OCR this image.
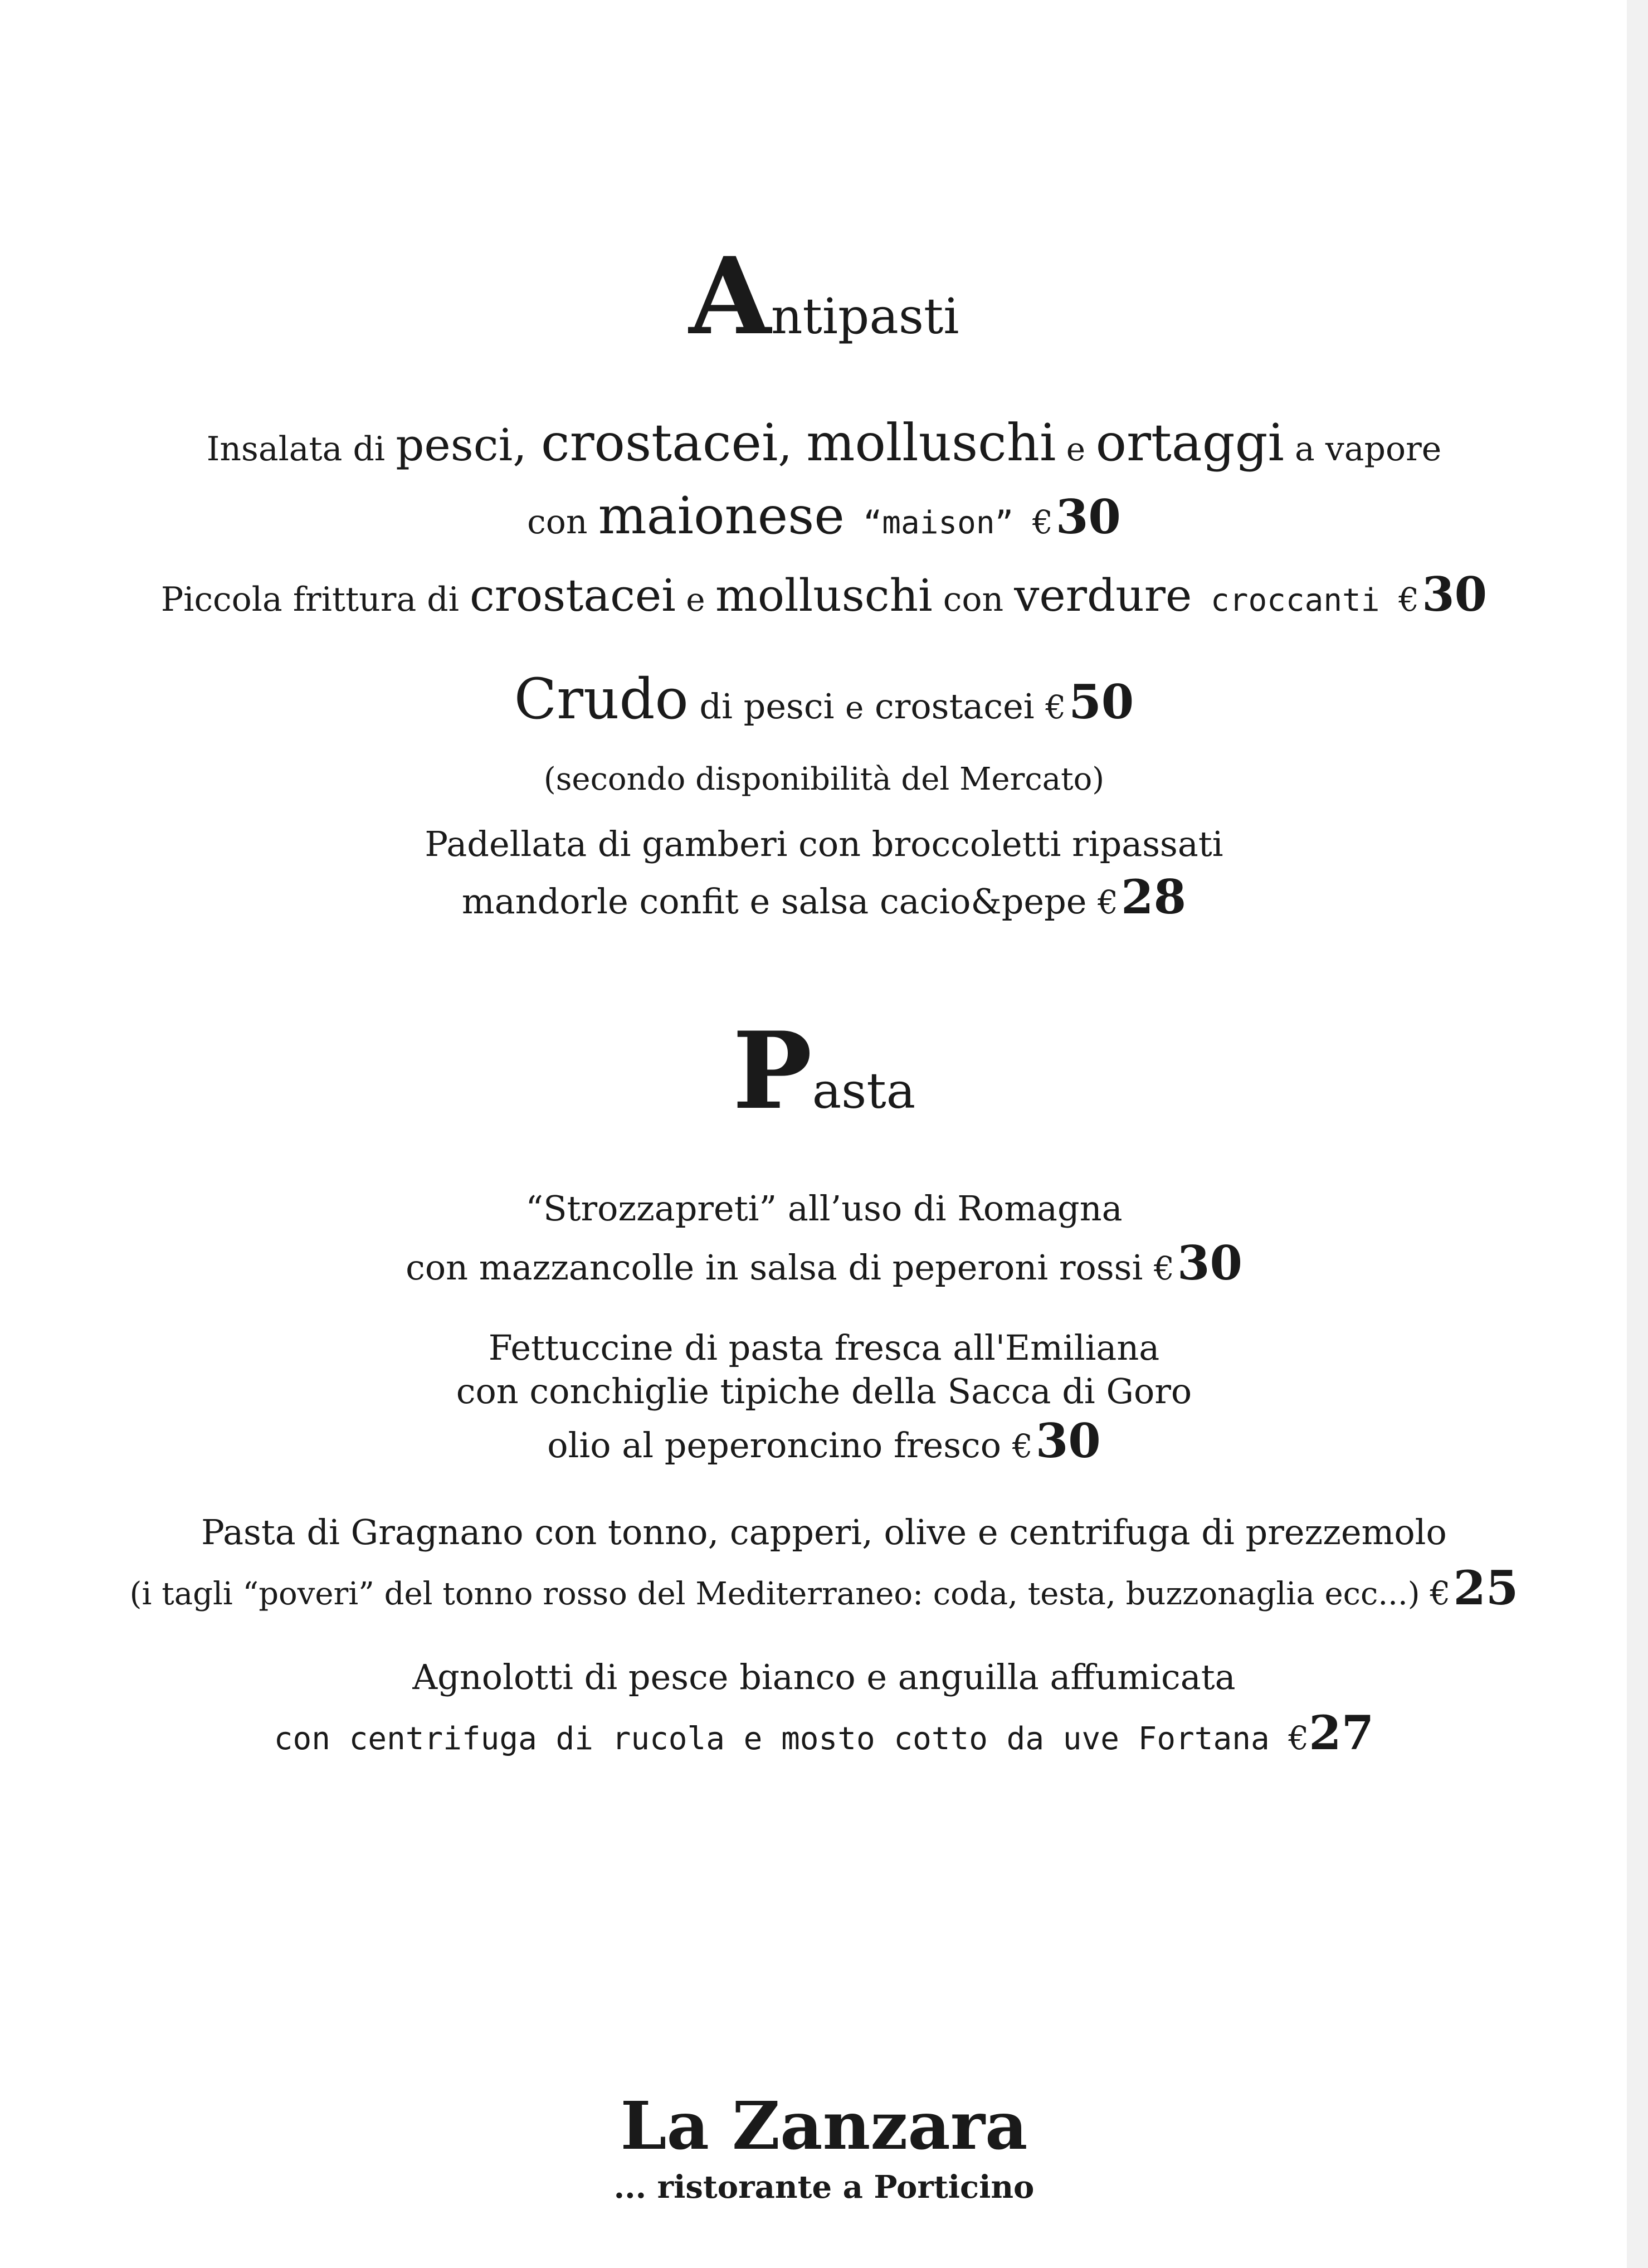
Antipasti
Insalata di pesci, crostacei, molluschi e ortaggi a vapore
con maionese “maison” € 30
Piccola frittura di crostacei e molluschi con verdure croccanti € 30
Crudo di pesci e crostacei € 50
(secondo disponibilità del Mercato)
Padellata di gamberi con broccoletti ripassati
mandorle confit e salsa cacio&pepe € 28
Pasta
“Strozzapreti” all’uso di Romagna
con mazzancolle in salsa di peperoni rossi € 30
Fettuccine di pasta fresca all'Emiliana
con conchiglie tipiche della Sacca di Goro
olio al peperoncino fresco € 30
Pasta di Gragnano con tonno, capperi, olive e centrifuga di prezzemolo
(i tagli “poveri” del tonno rosso del Mediterraneo: coda, testa, buzzonaglia ecc...) € 25
Agnolotti di pesce bianco e anguilla affumicata
con centrifuga di rucola e mosto cotto da uve Fortana €27
La Zanzara
... ristorante a Porticino
